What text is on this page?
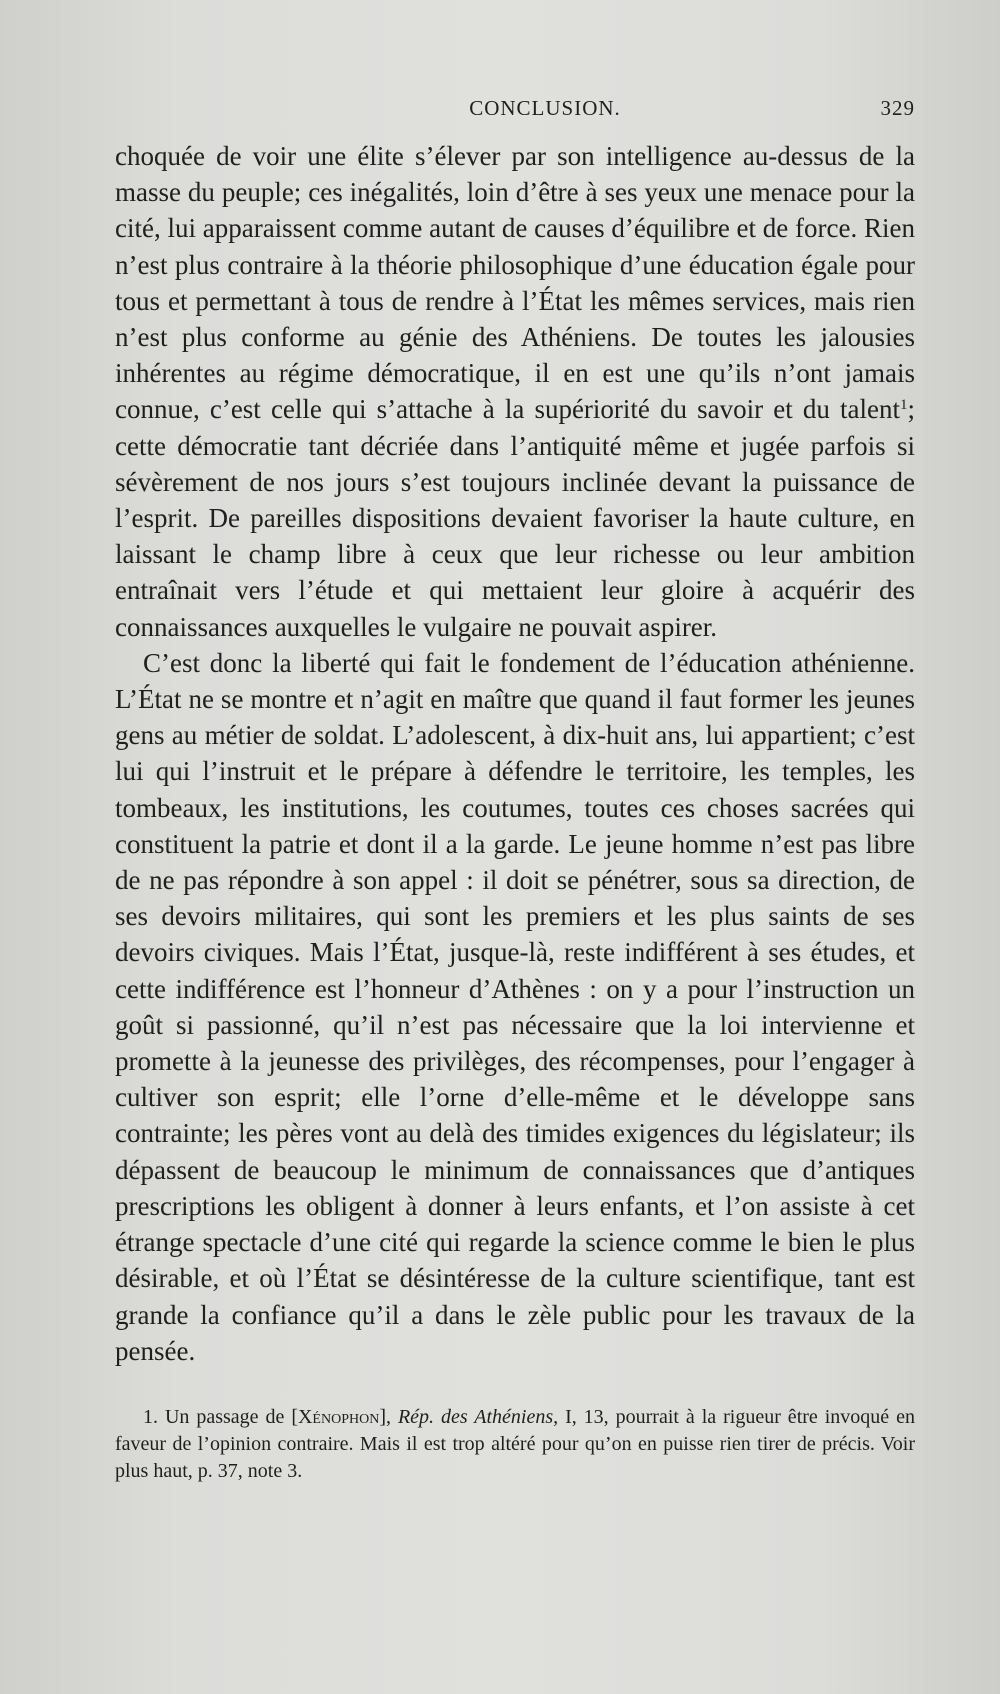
CONCLUSION.	329

choquée de voir une élite s’élever par son intelligence au-dessus de la masse du peuple; ces inégalités, loin d’être à ses yeux une menace pour la cité, lui apparaissent comme autant de causes d’équilibre et de force. Rien n’est plus contraire à la théorie philosophique d’une éducation égale pour tous et permettant à tous de rendre à l’État les mêmes services, mais rien n’est plus conforme au génie des Athéniens. De toutes les jalousies inhérentes au régime démocratique, il en est une qu’ils n’ont jamais connue, c’est celle qui s’attache à la supériorité du savoir et du talent$^1$; cette démocratie tant décriée dans l’antiquité même et jugée parfois si sévèrement de nos jours s’est toujours inclinée devant la puissance de l’esprit. De pareilles dispositions devaient favoriser la haute culture, en laissant le champ libre à ceux que leur richesse ou leur ambition entraînait vers l’étude et qui mettaient leur gloire à acquérir des connaissances auxquelles le vulgaire ne pouvait aspirer.

C’est donc la liberté qui fait le fondement de l’éducation athénienne. L’État ne se montre et n’agit en maître que quand il faut former les jeunes gens au métier de soldat. L’adolescent, à dix-huit ans, lui appartient; c’est lui qui l’instruit et le prépare à défendre le territoire, les temples, les tombeaux, les institutions, les coutumes, toutes ces choses sacrées qui constituent la patrie et dont il a la garde. Le jeune homme n’est pas libre de ne pas répondre à son appel : il doit se pénétrer, sous sa direction, de ses devoirs militaires, qui sont les premiers et les plus saints de ses devoirs civiques. Mais l’État, jusque-là, reste indifférent à ses études, et cette indifférence est l’honneur d’Athènes : on y a pour l’instruction un goût si passionné, qu’il n’est pas nécessaire que la loi intervienne et promette à la jeunesse des privilèges, des récompenses, pour l’engager à cultiver son esprit; elle l’orne d’elle-même et le développe sans contrainte; les pères vont au delà des timides exigences du législateur; ils dépassent de beaucoup le minimum de connaissances que d’antiques prescriptions les obligent à donner à leurs enfants, et l’on assiste à cet étrange spectacle d’une cité qui regarde la science comme le bien le plus désirable, et où l’État se désintéresse de la culture scientifique, tant est grande la confiance qu’il a dans le zèle public pour les travaux de la pensée.

1. Un passage de [Xénophon], Rép. des Athéniens, I, 13, pourrait à la rigueur être invoqué en faveur de l’opinion contraire. Mais il est trop altéré pour qu’on en puisse rien tirer de précis. Voir plus haut, p. 37, note 3.
